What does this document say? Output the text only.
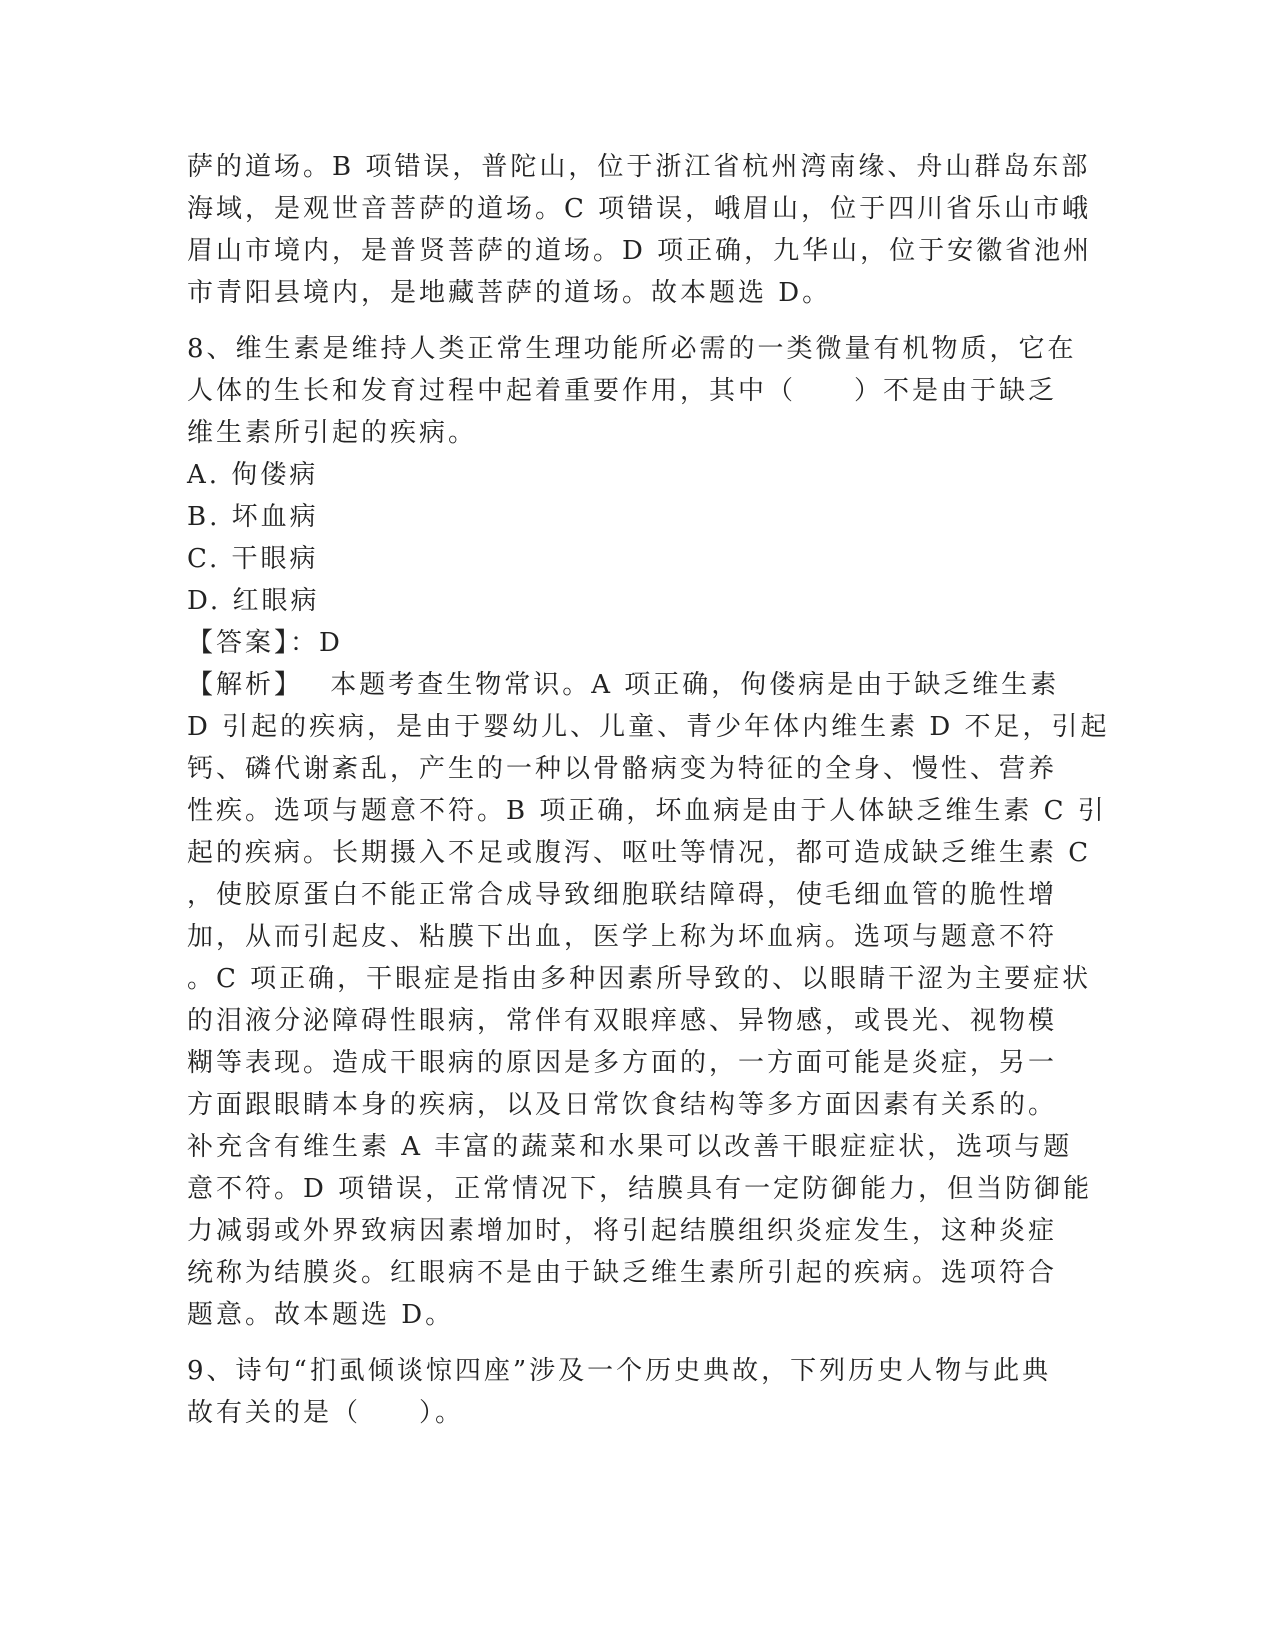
萨的道场。B 项错误，普陀山，位于浙江省杭州湾南缘、舟山群岛东部
海域，是观世音菩萨的道场。C 项错误，峨眉山，位于四川省乐山市峨
眉山市境内，是普贤菩萨的道场。D 项正确，九华山，位于安徽省池州
市青阳县境内，是地藏菩萨的道场。故本题选 D。
8、维生素是维持人类正常生理功能所必需的一类微量有机物质，它在
人体的生长和发育过程中起着重要作用，其中（　　）不是由于缺乏
维生素所引起的疾病。
A. 佝偻病
B. 坏血病
C. 干眼病
D. 红眼病
【答案】：D
【解析】　 本题考查生物常识。A 项正确，佝偻病是由于缺乏维生素
D 引起的疾病，是由于婴幼儿、儿童、青少年体内维生素 D 不足，引起
钙、磷代谢紊乱，产生的一种以骨骼病变为特征的全身、慢性、营养
性疾。选项与题意不符。B 项正确，坏血病是由于人体缺乏维生素 C 引
起的疾病。长期摄入不足或腹泻、呕吐等情况，都可造成缺乏维生素 C
，使胶原蛋白不能正常合成导致细胞联结障碍，使毛细血管的脆性增
加，从而引起皮、粘膜下出血，医学上称为坏血病。选项与题意不符
。C 项正确，干眼症是指由多种因素所导致的、以眼睛干涩为主要症状
的泪液分泌障碍性眼病，常伴有双眼痒感、异物感，或畏光、视物模
糊等表现。造成干眼病的原因是多方面的，一方面可能是炎症，另一
方面跟眼睛本身的疾病，以及日常饮食结构等多方面因素有关系的。
补充含有维生素 A 丰富的蔬菜和水果可以改善干眼症症状，选项与题
意不符。D 项错误，正常情况下，结膜具有一定防御能力，但当防御能
力减弱或外界致病因素增加时，将引起结膜组织炎症发生，这种炎症
统称为结膜炎。红眼病不是由于缺乏维生素所引起的疾病。选项符合
题意。故本题选 D。
9、诗句“扪虱倾谈惊四座”涉及一个历史典故，下列历史人物与此典
故有关的是（　　）。
